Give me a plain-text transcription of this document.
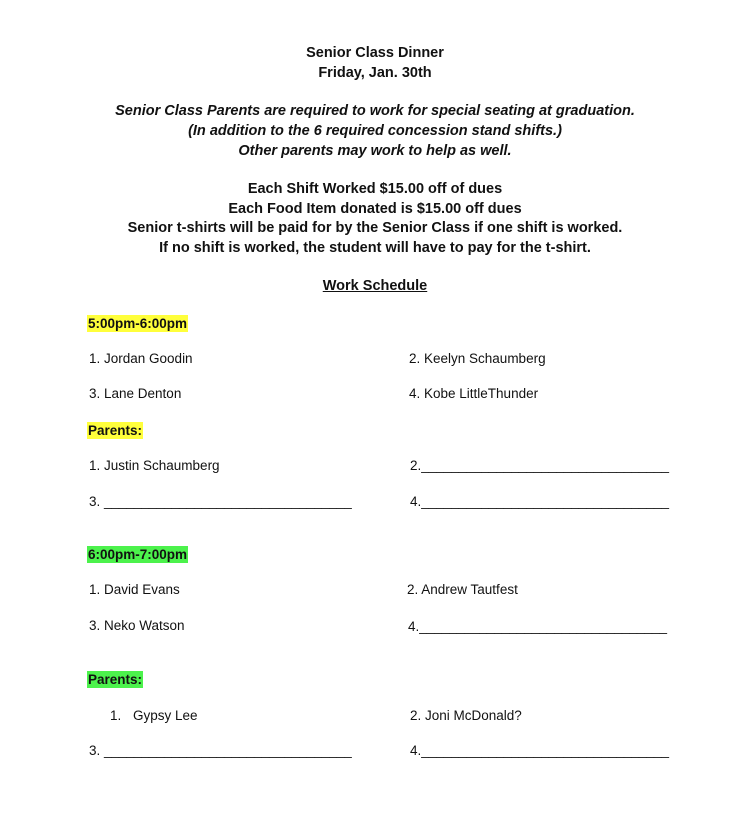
Senior Class Dinner
Friday, Jan. 30th
Senior Class Parents are required to work for special seating at graduation.
(In addition to the 6 required concession stand shifts.)
Other parents may work to help as well.
Each Shift Worked $15.00 off of dues
Each Food Item donated is $15.00 off dues
Senior t-shirts will be paid for by the Senior Class if one shift is worked.
If no shift is worked, the student will have to pay for the t-shirt.
Work Schedule
5:00pm-6:00pm
1. Jordan Goodin	2. Keelyn Schaumberg
3. Lane Denton	4. Kobe LittleThunder
Parents:
1. Justin Schaumberg	2._________________________________
3. _________________________________	4._________________________________
6:00pm-7:00pm
1. David Evans	2. Andrew Tautfest
3. Neko Watson	4._________________________________
Parents:
1. Gypsy Lee	2. Joni McDonald?
3. _________________________________	4._________________________________
